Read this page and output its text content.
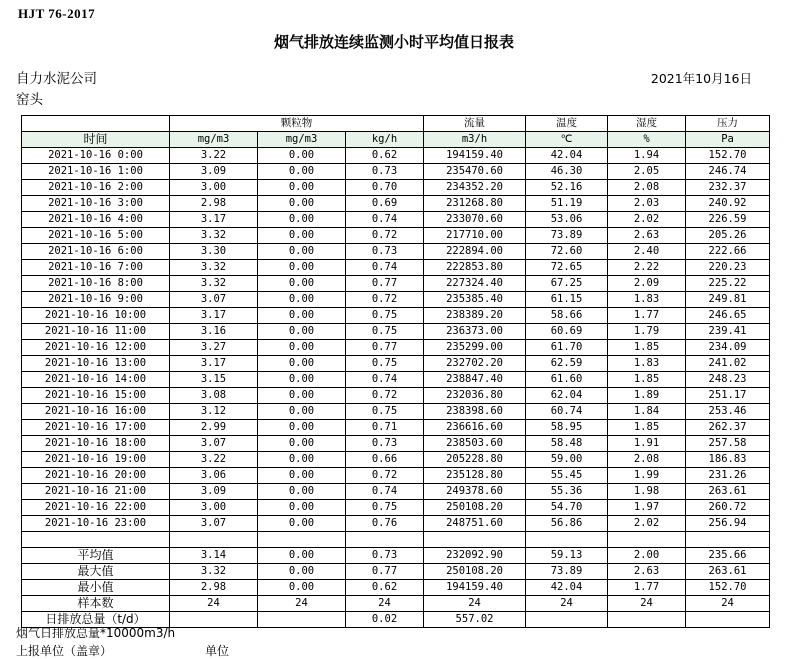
HJT 76-2017
烟气排放连续监测小时平均值日报表
自力水泥公司
窑头
2021年10月16日
	颗粒物			流量	温度	湿度	压力
时间	mg/m3	mg/m3	kg/h	m3/h	℃	%	Pa
2021-10-16 0:00	3.22	0.00	0.62	194159.40	42.04	1.94	152.70
2021-10-16 1:00	3.09	0.00	0.73	235470.60	46.30	2.05	246.74
2021-10-16 2:00	3.00	0.00	0.70	234352.20	52.16	2.08	232.37
2021-10-16 3:00	2.98	0.00	0.69	231268.80	51.19	2.03	240.92
2021-10-16 4:00	3.17	0.00	0.74	233070.60	53.06	2.02	226.59
2021-10-16 5:00	3.32	0.00	0.72	217710.00	73.89	2.63	205.26
2021-10-16 6:00	3.30	0.00	0.73	222894.00	72.60	2.40	222.66
2021-10-16 7:00	3.32	0.00	0.74	222853.80	72.65	2.22	220.23
2021-10-16 8:00	3.32	0.00	0.77	227324.40	67.25	2.09	225.22
2021-10-16 9:00	3.07	0.00	0.72	235385.40	61.15	1.83	249.81
2021-10-16 10:00	3.17	0.00	0.75	238389.20	58.66	1.77	246.65
2021-10-16 11:00	3.16	0.00	0.75	236373.00	60.69	1.79	239.41
2021-10-16 12:00	3.27	0.00	0.77	235299.00	61.70	1.85	234.09
2021-10-16 13:00	3.17	0.00	0.75	232702.20	62.59	1.83	241.02
2021-10-16 14:00	3.15	0.00	0.74	238847.40	61.60	1.85	248.23
2021-10-16 15:00	3.08	0.00	0.72	232036.80	62.04	1.89	251.17
2021-10-16 16:00	3.12	0.00	0.75	238398.60	60.74	1.84	253.46
2021-10-16 17:00	2.99	0.00	0.71	236616.60	58.95	1.85	262.37
2021-10-16 18:00	3.07	0.00	0.73	238503.60	58.48	1.91	257.58
2021-10-16 19:00	3.22	0.00	0.66	205228.80	59.00	2.08	186.83
2021-10-16 20:00	3.06	0.00	0.72	235128.80	55.45	1.99	231.26
2021-10-16 21:00	3.09	0.00	0.74	249378.60	55.36	1.98	263.61
2021-10-16 22:00	3.00	0.00	0.75	250108.20	54.70	1.97	260.72
2021-10-16 23:00	3.07	0.00	0.76	248751.60	56.86	2.02	256.94

平均值	3.14	0.00	0.73	232092.90	59.13	2.00	235.66
最大值	3.32	0.00	0.77	250108.20	73.89	2.63	263.61
最小值	2.98	0.00	0.62	194159.40	42.04	1.77	152.70
样本数	24	24	24	24	24	24	24
日排放总量（t/d）			0.02	557.02			
烟气日排放总量*10000m3/h
上报单位（盖章）	单位
